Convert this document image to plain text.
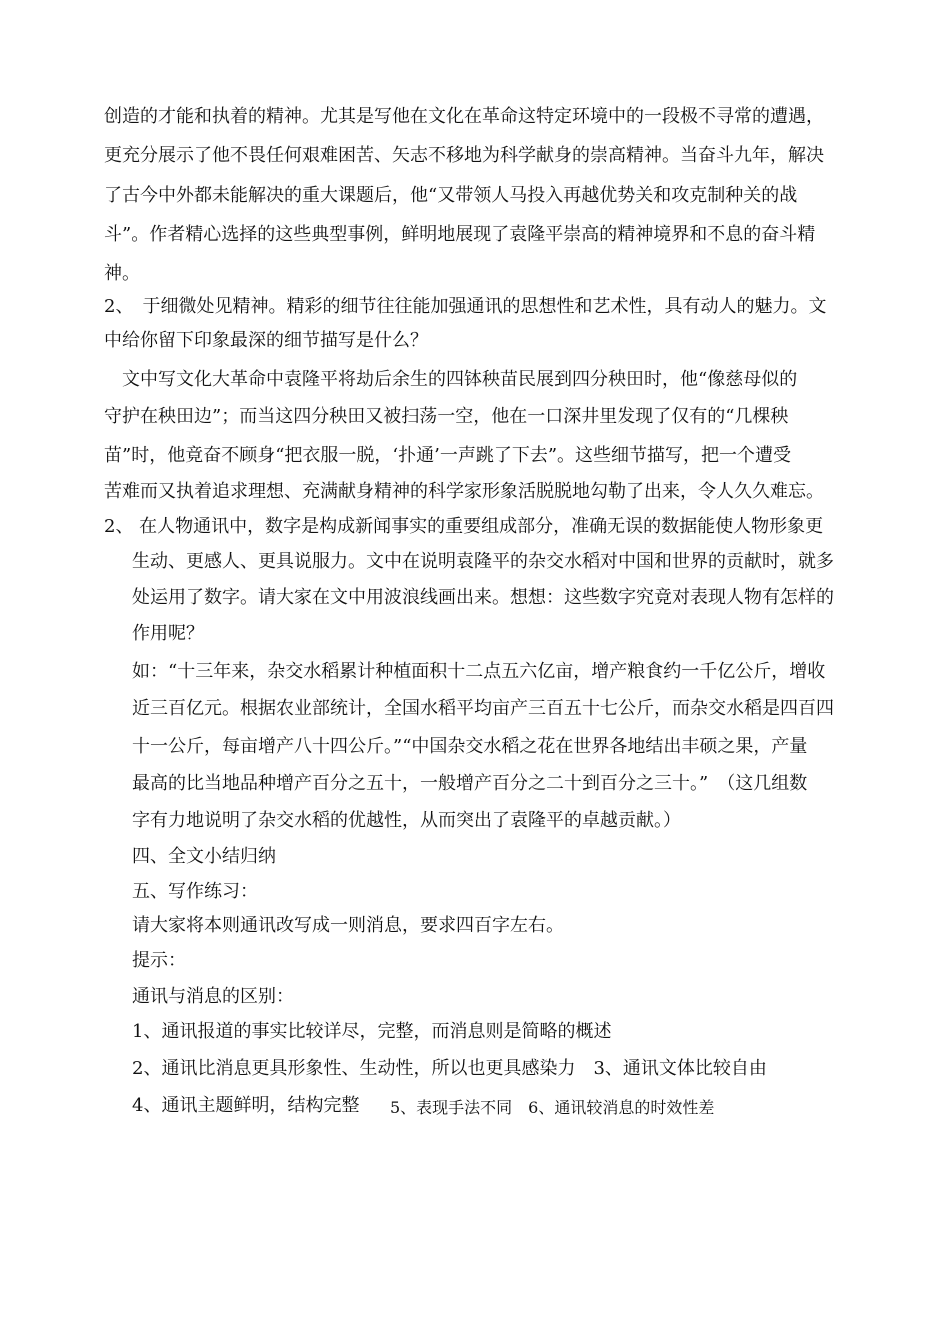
创造的才能和执着的精神。尤其是写他在文化在革命这特定环境中的一段极不寻常的遭遇，
更充分展示了他不畏任何艰难困苦、矢志不移地为科学献身的崇高精神。当奋斗九年，解决
了古今中外都未能解决的重大课题后，他“又带领人马投入再越优势关和攻克制种关的战
斗”。作者精心选择的这些典型事例，鲜明地展现了袁隆平崇高的精神境界和不息的奋斗精
神。
2、　于细微处见精神。精彩的细节往往能加强通讯的思想性和艺术性，具有动人的魅力。文
中给你留下印象最深的细节描写是什么？
文中写文化大革命中袁隆平将劫后余生的四钵秧苗民展到四分秧田时，他“像慈母似的
守护在秧田边”；而当这四分秧田又被扫荡一空，他在一口深井里发现了仅有的“几棵秧
苗”时，他竟奋不顾身“把衣服一脱，‘扑通’一声跳了下去”。这些细节描写，把一个遭受
苦难而又执着追求理想、充满献身精神的科学家形象活脱脱地勾勒了出来，令人久久难忘。
2、 在人物通讯中，数字是构成新闻事实的重要组成部分，准确无误的数据能使人物形象更
生动、更感人、更具说服力。文中在说明袁隆平的杂交水稻对中国和世界的贡献时，就多
处运用了数字。请大家在文中用波浪线画出来。想想：这些数字究竟对表现人物有怎样的
作用呢？
如：“十三年来，杂交水稻累计种植面积十二点五六亿亩，增产粮食约一千亿公斤，增收
近三百亿元。根据农业部统计，全国水稻平均亩产三百五十七公斤，而杂交水稻是四百四
十一公斤，每亩增产八十四公斤。”“中国杂交水稻之花在世界各地结出丰硕之果，产量
最高的比当地品种增产百分之五十，一般增产百分之二十到百分之三十。”　（这几组数
字有力地说明了杂交水稻的优越性，从而突出了袁隆平的卓越贡献。）
四、全文小结归纳
五、写作练习：
请大家将本则通讯改写成一则消息，要求四百字左右。
提示：
通讯与消息的区别：
1、通讯报道的事实比较详尽，完整，而消息则是简略的概述
2、通讯比消息更具形象性、生动性，所以也更具感染力　3、通讯文体比较自由
4、通讯主题鲜明，结构完整 5、表现手法不同　6、通讯较消息的时效性差
